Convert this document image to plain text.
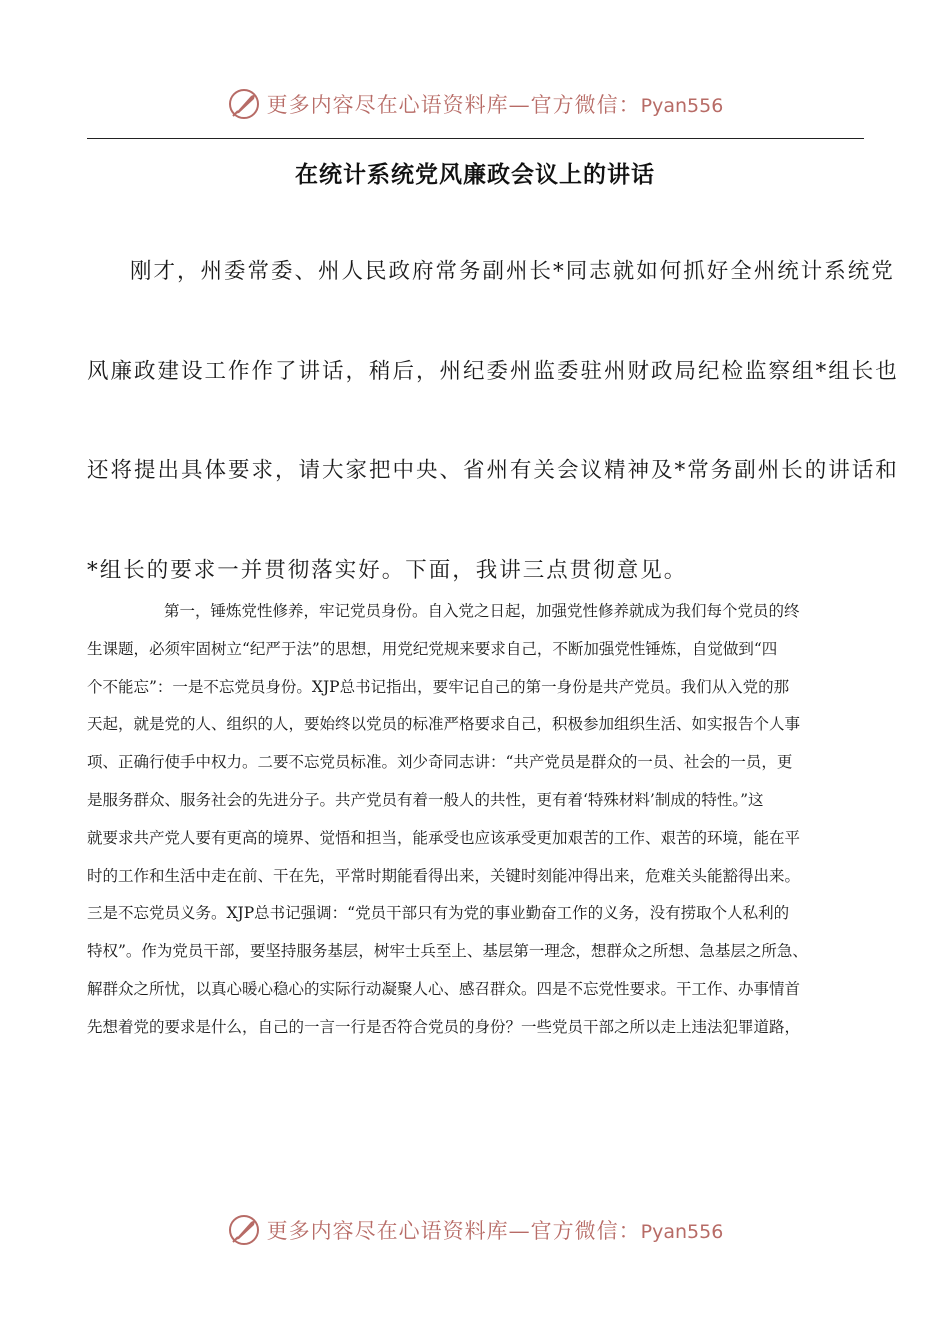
更多内容尽在心语资料库—官方微信：Pyan556
在统计系统党风廉政会议上的讲话

刚才，州委常委、州人民政府常务副州长*同志就如何抓好全州统计系统党
风廉政建设工作作了讲话，稍后，州纪委州监委驻州财政局纪检监察组*组长也
还将提出具体要求，请大家把中央、省州有关会议精神及*常务副州长的讲话和
*组长的要求一并贯彻落实好。下面，我讲三点贯彻意见。

第一，锤炼党性修养，牢记党员身份。自入党之日起，加强党性修养就成为我们每个党员的终
生课题，必须牢固树立“纪严于法”的思想，用党纪党规来要求自己，不断加强党性锤炼，自觉做到“四
个不能忘”：一是不忘党员身份。XJP总书记指出，要牢记自己的第一身份是共产党员。我们从入党的那
天起，就是党的人、组织的人，要始终以党员的标准严格要求自己，积极参加组织生活、如实报告个人事
项、正确行使手中权力。二要不忘党员标准。刘少奇同志讲：“共产党员是群众的一员、社会的一员，更
是服务群众、服务社会的先进分子。共产党员有着一般人的共性，更有着‘特殊材料’制成的特性。”这
就要求共产党人要有更高的境界、觉悟和担当，能承受也应该承受更加艰苦的工作、艰苦的环境，能在平
时的工作和生活中走在前、干在先，平常时期能看得出来，关键时刻能冲得出来，危难关头能豁得出来。
三是不忘党员义务。XJP总书记强调：“党员干部只有为党的事业勤奋工作的义务，没有捞取个人私利的
特权”。作为党员干部，要坚持服务基层，树牢士兵至上、基层第一理念，想群众之所想、急基层之所急、
解群众之所忧，以真心暖心稳心的实际行动凝聚人心、感召群众。四是不忘党性要求。干工作、办事情首
先想着党的要求是什么，自己的一言一行是否符合党员的身份？一些党员干部之所以走上违法犯罪道路，

更多内容尽在心语资料库—官方微信：Pyan556
